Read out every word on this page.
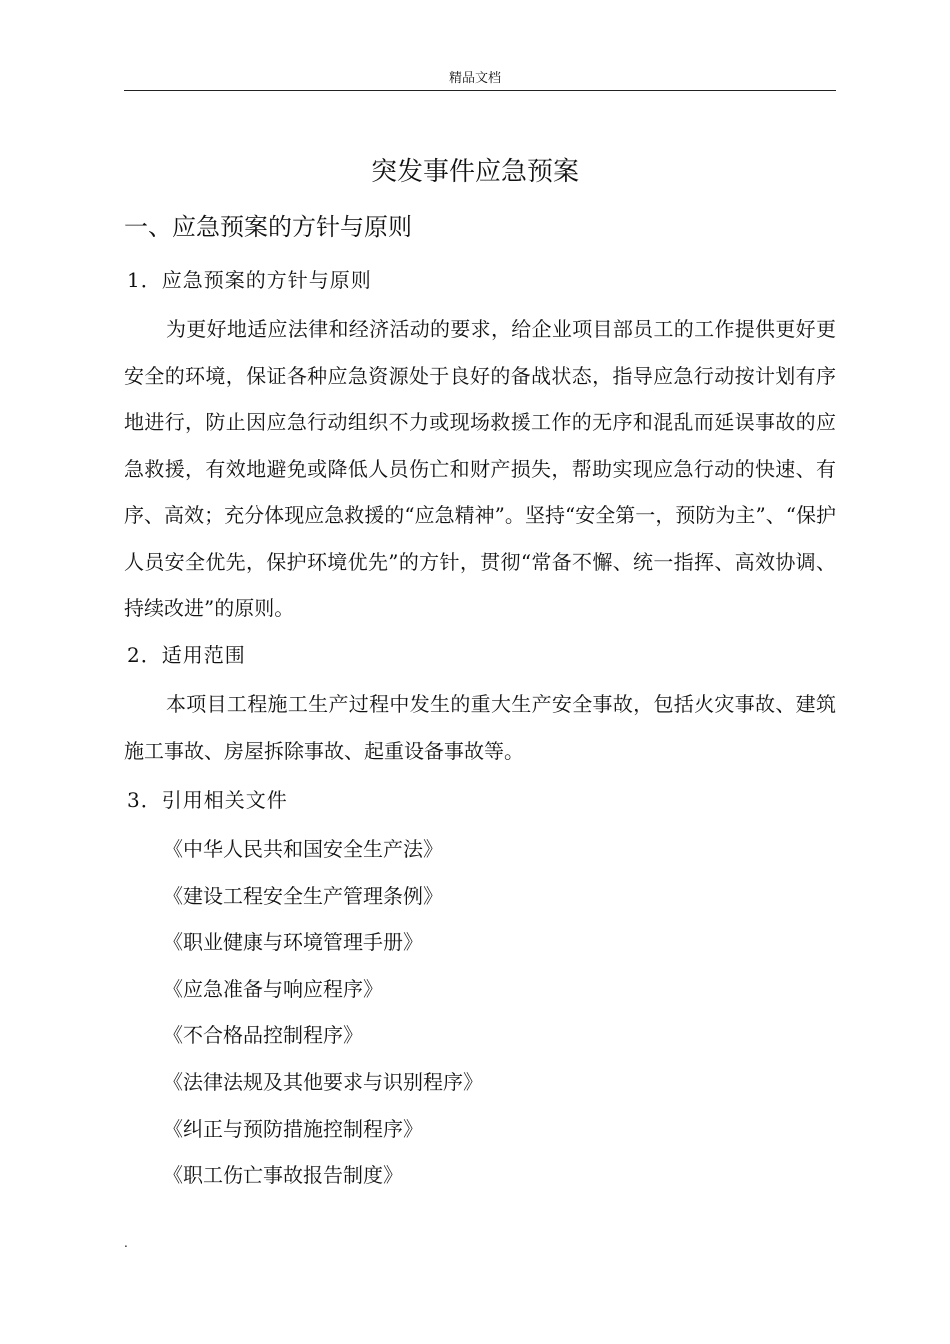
精品文档
突发事件应急预案
一、应急预案的方针与原则
1．应急预案的方针与原则

为更好地适应法律和经济活动的要求，给企业项目部员工的工作提供更好更安全的环境，保证各种应急资源处于良好的备战状态，指导应急行动按计划有序地进行，防止因应急行动组织不力或现场救援工作的无序和混乱而延误事故的应急救援，有效地避免或降低人员伤亡和财产损失，帮助实现应急行动的快速、有序、高效；充分体现应急救援的“应急精神”。坚持“安全第一，预防为主”、“保护人员安全优先，保护环境优先”的方针，贯彻“常备不懈、统一指挥、高效协调、持续改进”的原则。

2．适用范围

本项目工程施工生产过程中发生的重大生产安全事故，包括火灾事故、建筑施工事故、房屋拆除事故、起重设备事故等。

3．引用相关文件
《中华人民共和国安全生产法》
《建设工程安全生产管理条例》
《职业健康与环境管理手册》
《应急准备与响应程序》
《不合格品控制程序》
《法律法规及其他要求与识别程序》
《纠正与预防措施控制程序》
《职工伤亡事故报告制度》
.
